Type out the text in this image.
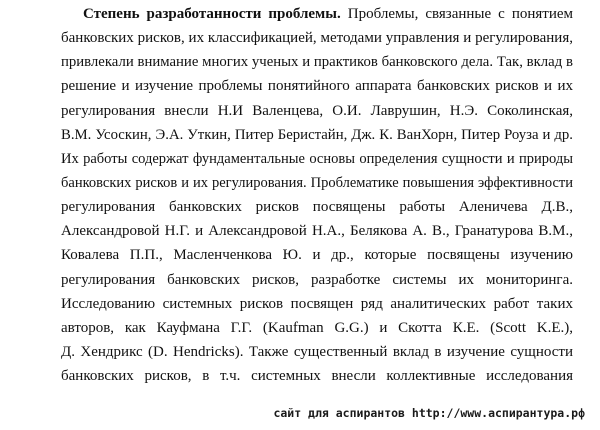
Степень разработанности проблемы. Проблемы, связанные с понятием
банковских рисков, их классификацией, методами управления и регулирования,
привлекали внимание многих ученых и практиков банковского дела. Так, вклад в
решение и изучение проблемы понятийного аппарата банковских рисков и их
регулирования внесли Н.И Валенцева, О.И. Лаврушин, Н.Э. Соколинская,
В.М. Усоскин, Э.А. Уткин, Питер Беристайн, Дж. К. ВанХорн, Питер Роуза и др.
Их работы содержат фундаментальные основы определения сущности и природы
банковских рисков и их регулирования. Проблематике повышения эффективности
регулирования банковских рисков посвящены работы Аленичева Д.В.,
Александровой Н.Г. и Александровой Н.А., Белякова А. В., Гранатурова В.М.,
Ковалева П.П., Масленченкова Ю. и др., которые посвящены изучению
регулирования банковских рисков, разработке системы их мониторинга.
Исследованию системных рисков посвящен ряд аналитических работ таких
авторов, как Кауфмана Г.Г. (Kaufman G.G.) и Скотта К.Е. (Scott K.E.),
Д. Хендрикс (D. Hendricks). Также существенный вклад в изучение сущности
банковских рисков, в т.ч. системных внесли коллективные исследования
сайт для аспирантов http://www.аспирантура.рф
